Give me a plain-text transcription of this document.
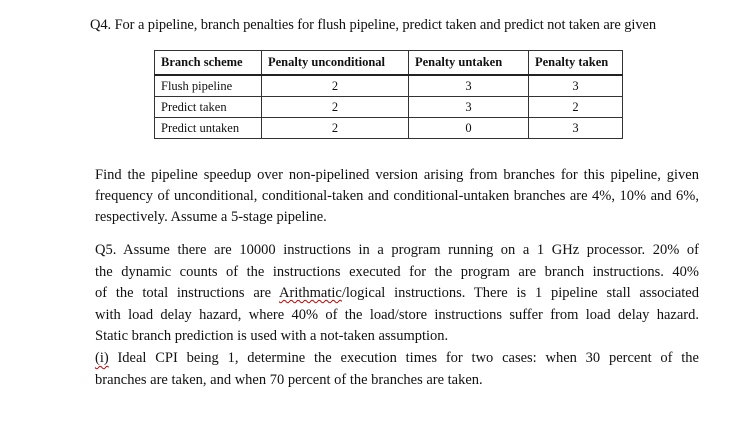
Q4. For a pipeline, branch penalties for flush pipeline, predict taken and predict not taken are given
Branch scheme	Penalty unconditional	Penalty untaken	Penalty taken
Flush pipeline	2	3	3
Predict taken	2	3	2
Predict untaken	2	0	3
Find the pipeline speedup over non-pipelined version arising from branches for this pipeline, given
frequency of unconditional, conditional-taken and conditional-untaken branches are 4%, 10% and 6%,
respectively. Assume a 5-stage pipeline.
Q5. Assume there are 10000 instructions in a program running on a 1 GHz processor. 20% of
the dynamic counts of the instructions executed for the program are branch instructions. 40%
of the total instructions are Arithmatic/logical instructions. There is 1 pipeline stall associated
with load delay hazard, where 40% of the load/store instructions suffer from load delay hazard.
Static branch prediction is used with a not-taken assumption.
(i) Ideal CPI being 1, determine the execution times for two cases: when 30 percent of the
branches are taken, and when 70 percent of the branches are taken.
